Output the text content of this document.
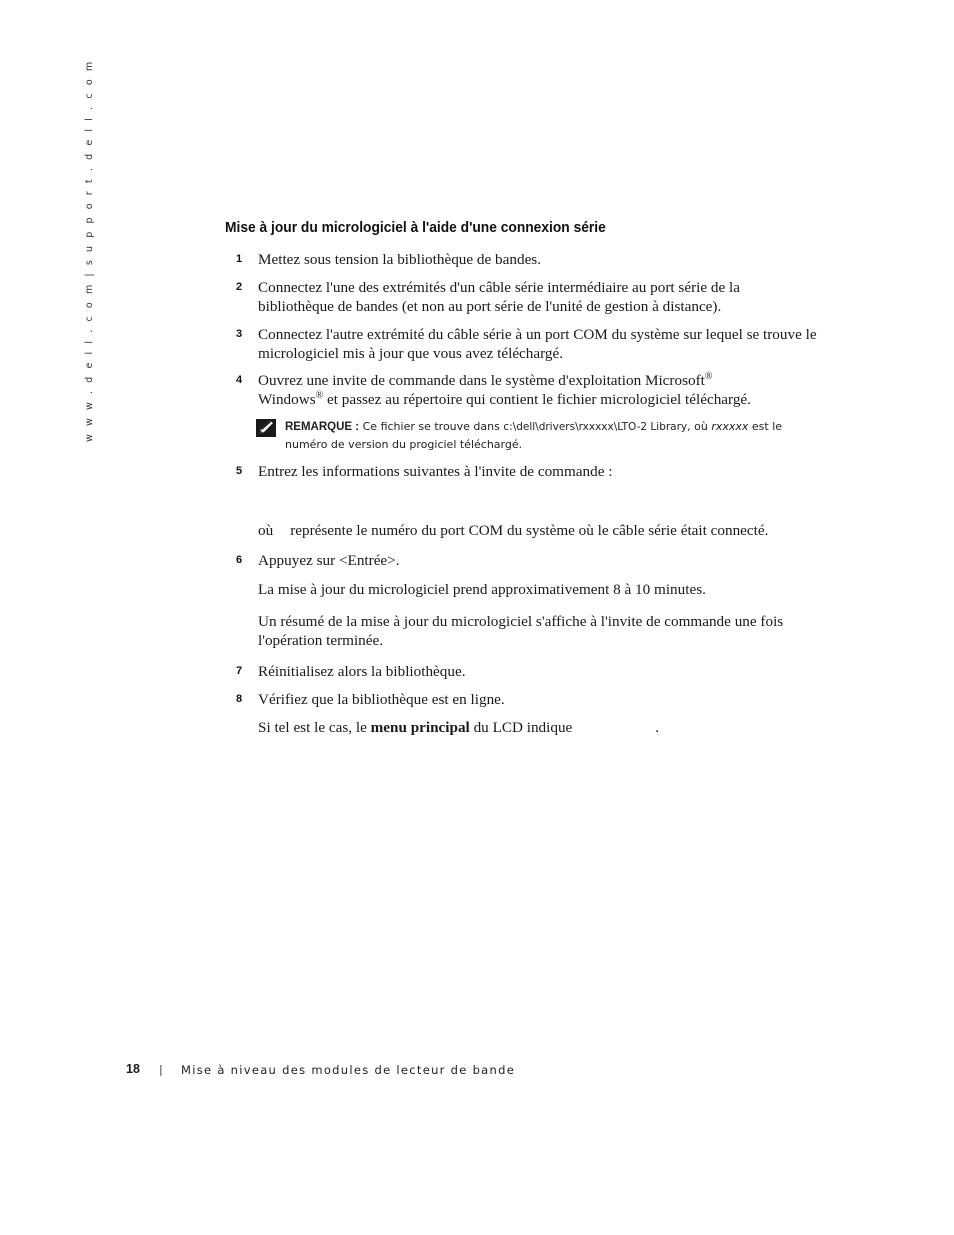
w w w . d e l l . c o m | s u p p o r t . d e l l . c o m	Mise à jour du micrologiciel à l'aide d'une connexion série
1 Mettez sous tension la bibliothèque de bandes.
2 Connectez l'une des extrémités d'un câble série intermédiaire au port série de la bibliothèque de bandes (et non au port série de l'unité de gestion à distance).
3 Connectez l'autre extrémité du câble série à un port COM du système sur lequel se trouve le micrologiciel mis à jour que vous avez téléchargé.
4 Ouvrez une invite de commande dans le système d'exploitation Microsoft®
Windows® et passez au répertoire qui contient le fichier micrologiciel téléchargé.
REMARQUE : Ce fichier se trouve dans c:\dell\drivers\rxxxxx\LTO-2 Library, où rxxxxx est le numéro de version du progiciel téléchargé.
5 Entrez les informations suivantes à l'invite de commande :
où représente le numéro du port COM du système où le câble série était connecté.
6 Appuyez sur <Entrée>.
La mise à jour du micrologiciel prend approximativement 8 à 10 minutes.
Un résumé de la mise à jour du micrologiciel s'affiche à l'invite de commande une fois l'opération terminée.
7 Réinitialisez alors la bibliothèque.
8 Vérifiez que la bibliothèque est en ligne.
Si tel est le cas, le menu principal du LCD indique	.
18 | Mise à niveau des modules de lecteur de bande
